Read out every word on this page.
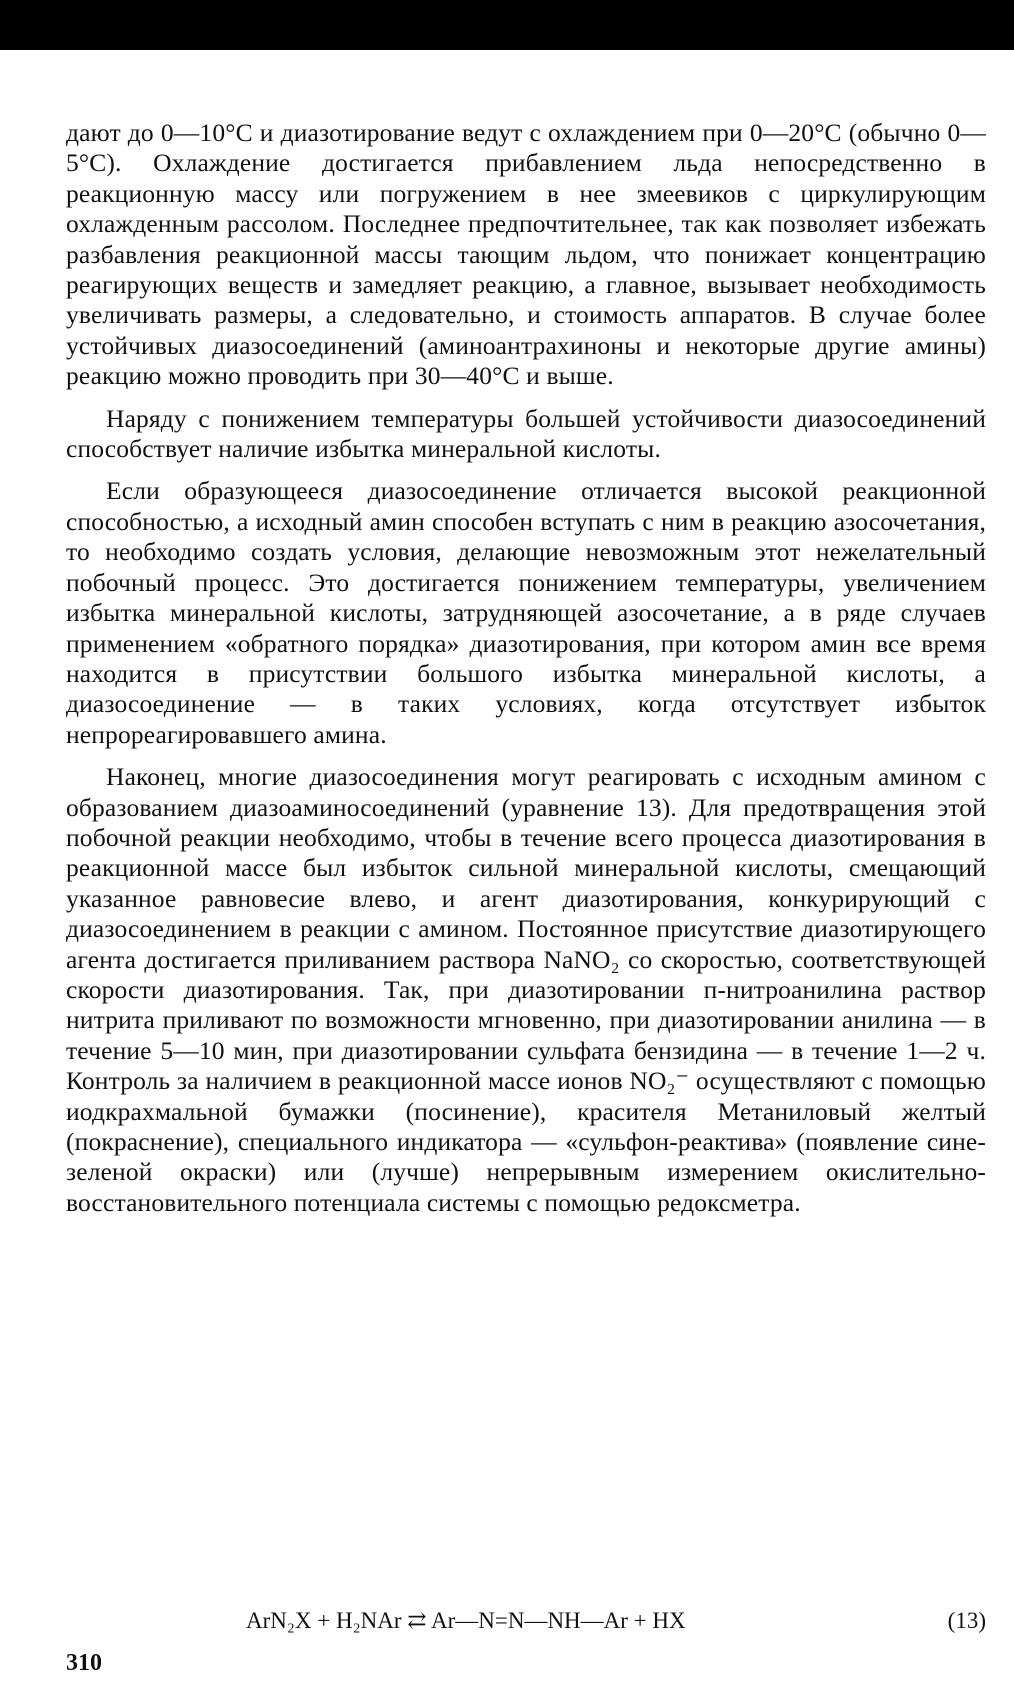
дают до 0—10°С и диазотирование ведут с охлаждением при 0—20°С (обычно 0—5°С). Охлаждение достигается прибавлением льда непосредственно в реакционную массу или погружением в нее змеевиков с циркулирующим охлажденным рассолом. Последнее предпочтительнее, так как позволяет избежать разбавления реакционной массы тающим льдом, что понижает концентрацию реагирующих веществ и замедляет реакцию, а главное, вызывает необходимость увеличивать размеры, а следовательно, и стоимость аппаратов. В случае более устойчивых диазосоединений (аминоантрахиноны и некоторые другие амины) реакцию можно проводить при 30—40°С и выше.

Наряду с понижением температуры большей устойчивости диазосоединений способствует наличие избытка минеральной кислоты.

Если образующееся диазосоединение отличается высокой реакционной способностью, а исходный амин способен вступать с ним в реакцию азосочетания, то необходимо создать условия, делающие невозможным этот нежелательный побочный процесс. Это достигается понижением температуры, увеличением избытка минеральной кислоты, затрудняющей азосочетание, а в ряде случаев применением «обратного порядка» диазотирования, при котором амин все время находится в присутствии большого избытка минеральной кислоты, а диазосоединение — в таких условиях, когда отсутствует избыток непрореагировавшего амина.

Наконец, многие диазосоединения могут реагировать с исходным амином с образованием диазоаминосоединений (уравнение 13). Для предотвращения этой побочной реакции необходимо, чтобы в течение всего процесса диазотирования в реакционной массе был избыток сильной минеральной кислоты, смещающий указанное равновесие влево, и агент диазотирования, конкурирующий с диазосоединением в реакции с амином. Постоянное присутствие диазотирующего агента достигается приливанием раствора NaNO₂ со скоростью, соответствующей скорости диазотирования. Так, при диазотировании п-нитроанилина раствор нитрита приливают по возможности мгновенно, при диазотировании анилина — в течение 5—10 мин, при диазотировании сульфата бензидина — в течение 1—2 ч. Контроль за наличием в реакционной массе ионов NO₂⁻ осуществляют с помощью иодкрахмальной бумажки (посинение), красителя Метаниловый желтый (покраснение), специального индикатора — «сульфон-реактива» (появление сине-зеленой окраски) или (лучше) непрерывным измерением окислительно-восстановительного потенциала системы с помощью редоксметра.

ArN₂X + H₂NAr ⇄ Ar—N=N—NH—Ar + HX	(13)
310
